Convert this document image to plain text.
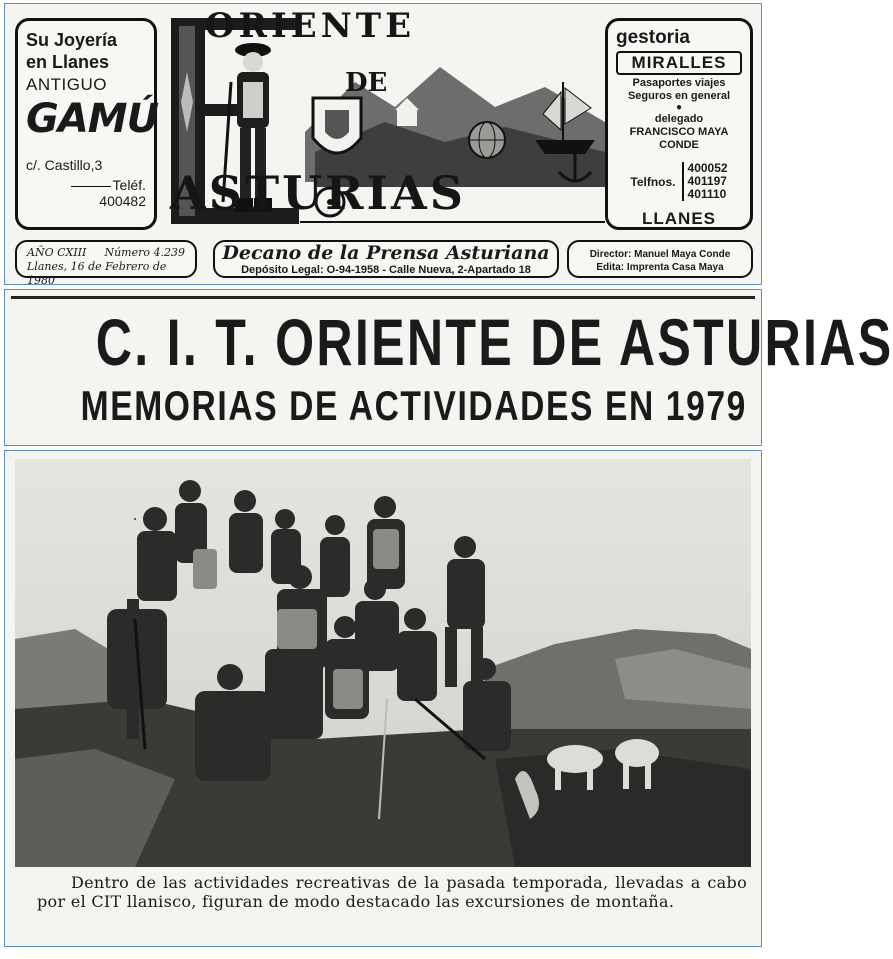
Su Joyería
en Llanes
ANTIGUO
GAMÚ
c/. Castillo,3
Teléf. 400482
ORIENTE
DE
ASTURIAS
gestoria
MIRALLES
Pasaportes viajes
Seguros en general
●
delegado
FRANCISCO MAYA
CONDE
Telfnos.
400052
401197
401110
LLANES
AÑO CXIII Número 4.239
Llanes, 16 de Febrero de 1980
Decano de la Prensa Asturiana
Depósito Legal: O-94-1958 - Calle Nueva, 2-Apartado 18
Director: Manuel Maya Conde
Edita: Imprenta Casa Maya
C. I. T. ORIENTE DE ASTURIAS
MEMORIAS DE ACTIVIDADES EN 1979
Dentro de las actividades recreativas de la pasada temporada, llevadas a cabo por el CIT llanisco, figuran de modo destacado las excursiones de montaña.
